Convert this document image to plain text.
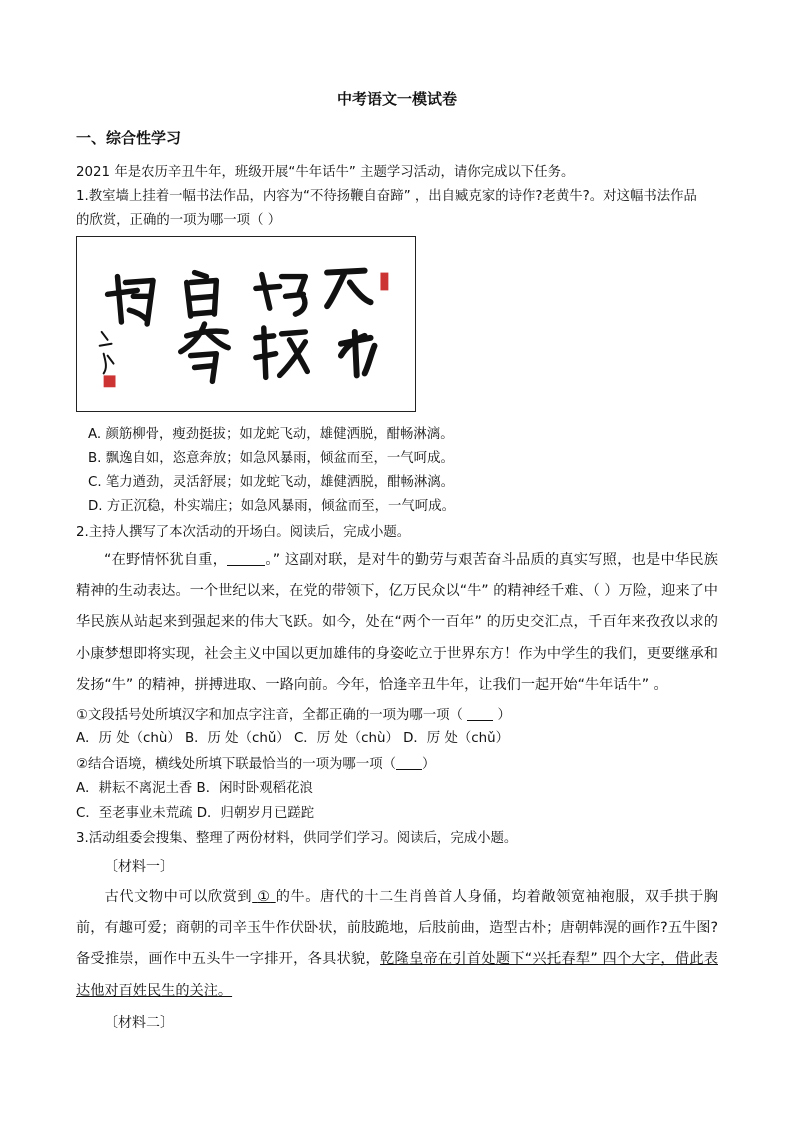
中考语文一模试卷
一、综合性学习
2021 年是农历辛丑牛年，班级开展“牛年话牛” 主题学习活动，请你完成以下任务。
1.教室墙上挂着一幅书法作品，内容为“不待扬鞭自奋蹄” ，出自臧克家的诗作?老黄牛?。对这幅书法作品
的欣赏，正确的一项为哪一项（ ）
A. 颜筋柳骨，瘦劲挺拔；如龙蛇飞动，雄健洒脱，酣畅淋漓。
B. 飘逸自如，恣意奔放；如急风暴雨，倾盆而至，一气呵成。
C. 笔力遒劲，灵活舒展；如龙蛇飞动，雄健洒脱，酣畅淋漓。
D. 方正沉稳，朴实端庄；如急风暴雨，倾盆而至，一气呵成。
2.主持人撰写了本次活动的开场白。阅读后，完成小题。

“在野情怀犹自重，	。” 这副对联，是对牛的勤劳与艰苦奋斗品质的真实写照，也是中华民族精神的生动表达。一个世纪以来，在党的带领下，亿万民众以“牛” 的精神经千难、（ ）万险，迎来了中华民族从站起来到强起来的伟大飞跃。如今，处在“两个一百年” 的历史交汇点，千百年来孜孜以求的小康梦想即将实现，社会主义中国以更加雄伟的身姿屹立于世界东方！作为中学生的我们，更要继承和发扬“牛” 的精神，拼搏进取、一路向前。今年，恰逢辛丑牛年，让我们一起开始“牛年话牛” 。

①文段括号处所填汉字和加点字注音，全都正确的一项为哪一项（  ）
A．历 处（chù） B．历 处（chǔ） C．厉 处（chù） D．厉 处（chǔ）
②结合语境，横线处所填下联最恰当的一项为哪一项（ ）
A．耕耘不离泥土香 B．闲时卧观稻花浪
C．至老事业未荒疏 D．归朝岁月已蹉跎
3.活动组委会搜集、整理了两份材料，供同学们学习。阅读后，完成小题。
〔材料一〕

古代文物中可以欣赏到 ① 的牛。唐代的十二生肖兽首人身俑，均着敞领宽袖袍服，双手拱于胸前，有趣可爱；商朝的司辛玉牛作伏卧状，前肢跪地，后肢前曲，造型古朴；唐朝韩滉的画作?五牛图?备受推崇，画作中五头牛一字排开，各具状貌，乾隆皇帝在引首处题下“兴托春犁” 四个大字，借此表达他对百姓民生的关注。

〔材料二〕
